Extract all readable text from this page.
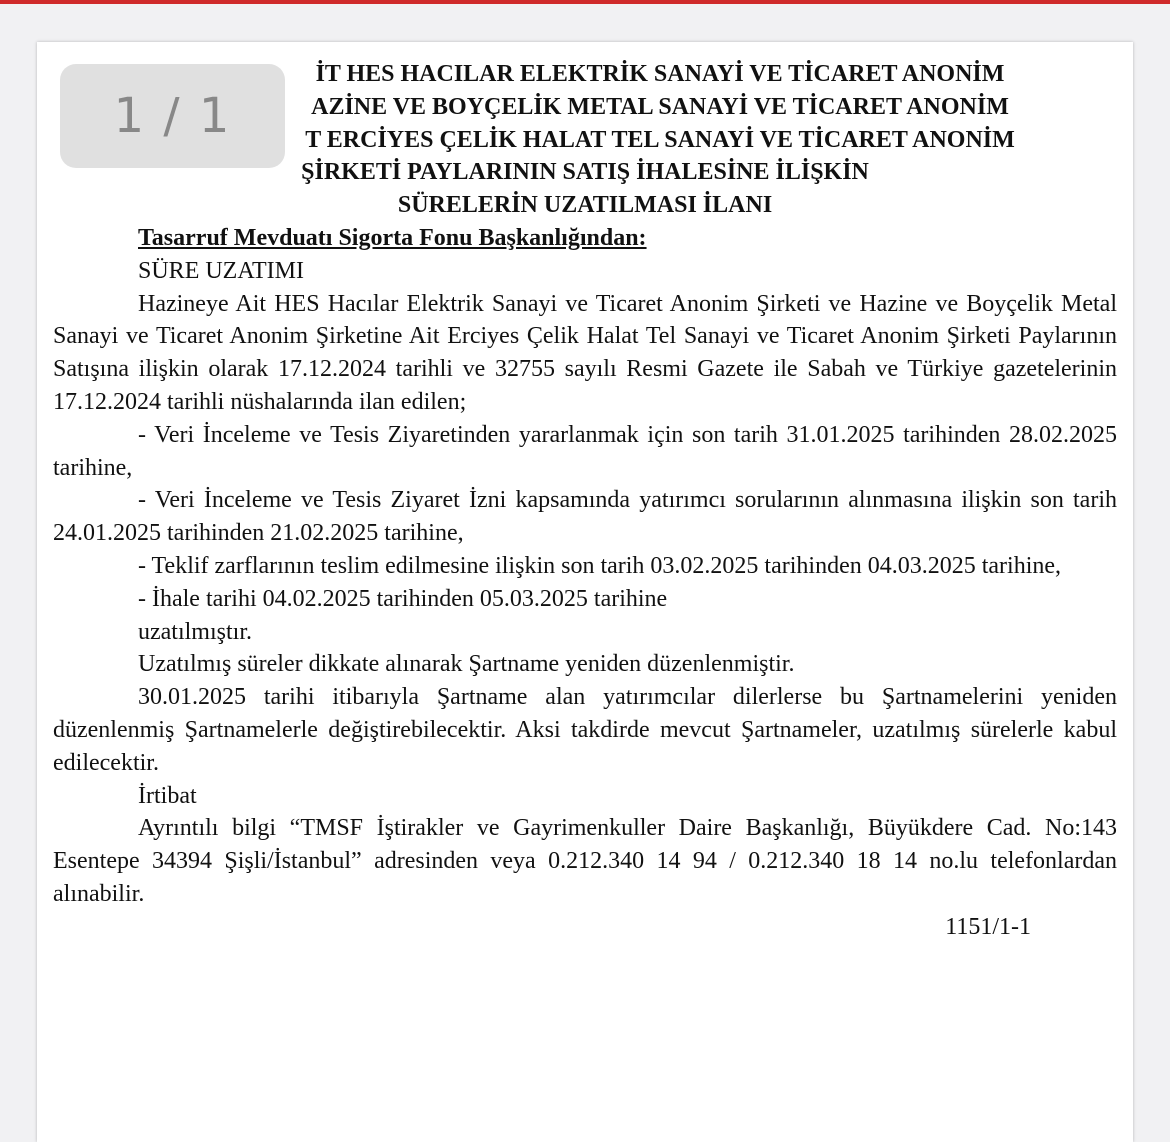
İT HES HACILAR ELEKTRİK SANAYİ VE TİCARET ANONİM
AZİNE VE BOYÇELİK METAL SANAYİ VE TİCARET ANONİM
T ERCİYES ÇELİK HALAT TEL SANAYİ VE TİCARET ANONİM
ŞİRKETİ PAYLARININ SATIŞ İHALESİNE İLİŞKİN
SÜRELERİN UZATILMASI İLANI
Tasarruf Mevduatı Sigorta Fonu Başkanlığından:
SÜRE UZATIMI
Hazineye Ait HES Hacılar Elektrik Sanayi ve Ticaret Anonim Şirketi ve Hazine ve Boyçelik Metal Sanayi ve Ticaret Anonim Şirketine Ait Erciyes Çelik Halat Tel Sanayi ve Ticaret Anonim Şirketi Paylarının Satışına ilişkin olarak 17.12.2024 tarihli ve 32755 sayılı Resmi Gazete ile Sabah ve Türkiye gazetelerinin 17.12.2024 tarihli nüshalarında ilan edilen;
- Veri İnceleme ve Tesis Ziyaretinden yararlanmak için son tarih 31.01.2025 tarihinden 28.02.2025 tarihine,
- Veri İnceleme ve Tesis Ziyaret İzni kapsamında yatırımcı sorularının alınmasına ilişkin son tarih 24.01.2025 tarihinden 21.02.2025 tarihine,
- Teklif zarflarının teslim edilmesine ilişkin son tarih 03.02.2025 tarihinden 04.03.2025 tarihine,
- İhale tarihi 04.02.2025 tarihinden 05.03.2025 tarihine
uzatılmıştır.
Uzatılmış süreler dikkate alınarak Şartname yeniden düzenlenmiştir.
30.01.2025 tarihi itibarıyla Şartname alan yatırımcılar dilerlerse bu Şartnamelerini yeniden düzenlenmiş Şartnamelerle değiştirebilecektir. Aksi takdirde mevcut Şartnameler, uzatılmış sürelerle kabul edilecektir.
İrtibat
Ayrıntılı bilgi “TMSF İştirakler ve Gayrimenkuller Daire Başkanlığı, Büyükdere Cad. No:143 Esentepe 34394 Şişli/İstanbul” adresinden veya 0.212.340 14 94 / 0.212.340 18 14 no.lu telefonlardan alınabilir.
1151/1-1
1 / 1
